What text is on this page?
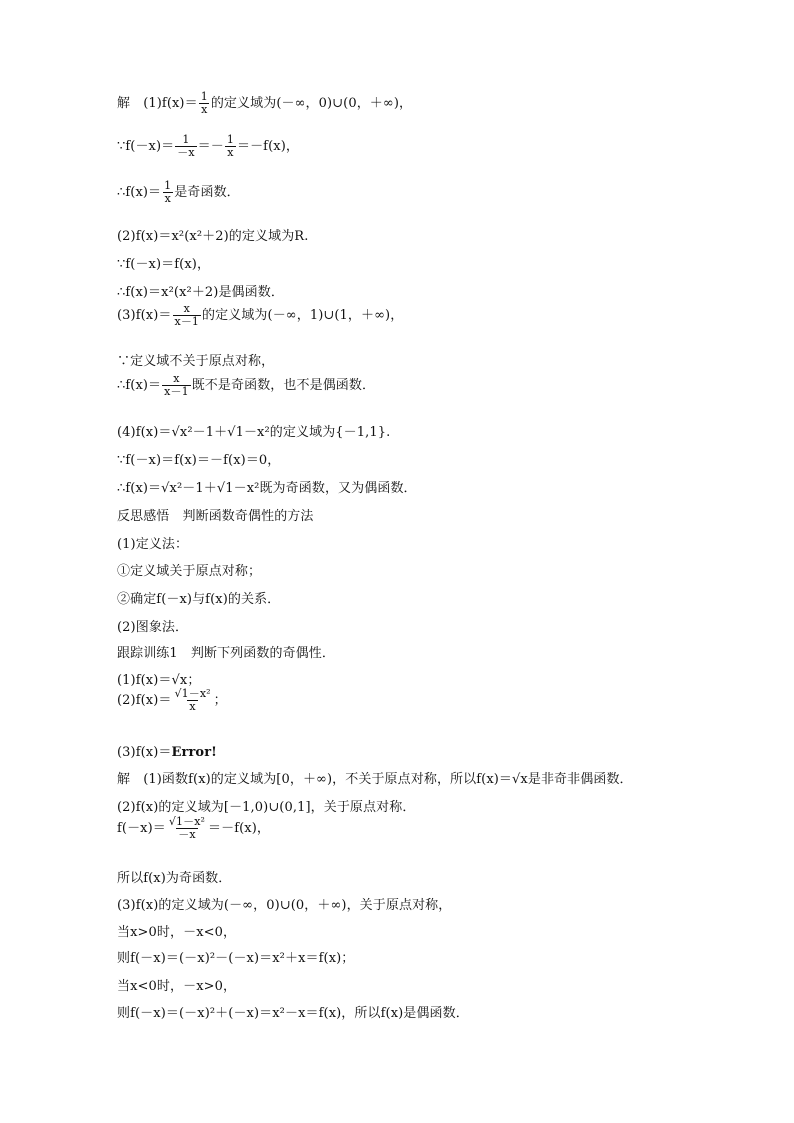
解　$(1)f(x)= \frac{1}{x}$ 的定义域为(－∞，0)∪(0，＋∞)，
∵f(－x)＝ $\frac{1}{-x} =- \frac{1}{x} =-f(x)$，
∴f(x)＝ $\frac{1}{x}$ 是奇函数．
(2)f(x)＝x²(x²＋2)的定义域为R.
∵f(－x)＝f(x)，
∴f(x)＝x²(x²＋2)是偶函数．
$(3)f(x)= \frac{x}{x-1}$ 的定义域为(－∞，1)∪(1，＋∞)，
∵定义域不关于原点对称，
∴f(x)＝ $\frac{x}{x-1}$ 既不是奇函数，也不是偶函数．
(4)f(x)＝√x²－1＋√1－x²的定义域为{－1,1}.
∵f(－x)＝f(x)＝－f(x)＝0，
∴f(x)＝√x²－1＋√1－x²既为奇函数，又为偶函数．
反思感悟　判断函数奇偶性的方法
(1)定义法：
①定义域关于原点对称；
②确定f(－x)与f(x)的关系．
(2)图象法．
跟踪训练1　判断下列函数的奇偶性．
(1)f(x)＝√x；
$(2)f(x)= \frac{\text{√1－x²}}{x}$ ；
(3)f(x)＝Error!
解　(1)函数f(x)的定义域为[0，＋∞)，不关于原点对称，所以f(x)＝√x是非奇非偶函数．
(2)f(x)的定义域为[－1,0)∪(0,1]，关于原点对称．
$f(-x)= \frac{\text{√1－x²}}{-x} =-f(x)$，
所以f(x)为奇函数．
(3)f(x)的定义域为(－∞，0)∪(0，＋∞)，关于原点对称，
当x>0时，－x<0，
则f(－x)＝(－x)²－(－x)＝x²＋x＝f(x)；
当x<0时，－x>0，
则f(－x)＝(－x)²＋(－x)＝x²－x＝f(x)，所以f(x)是偶函数．
